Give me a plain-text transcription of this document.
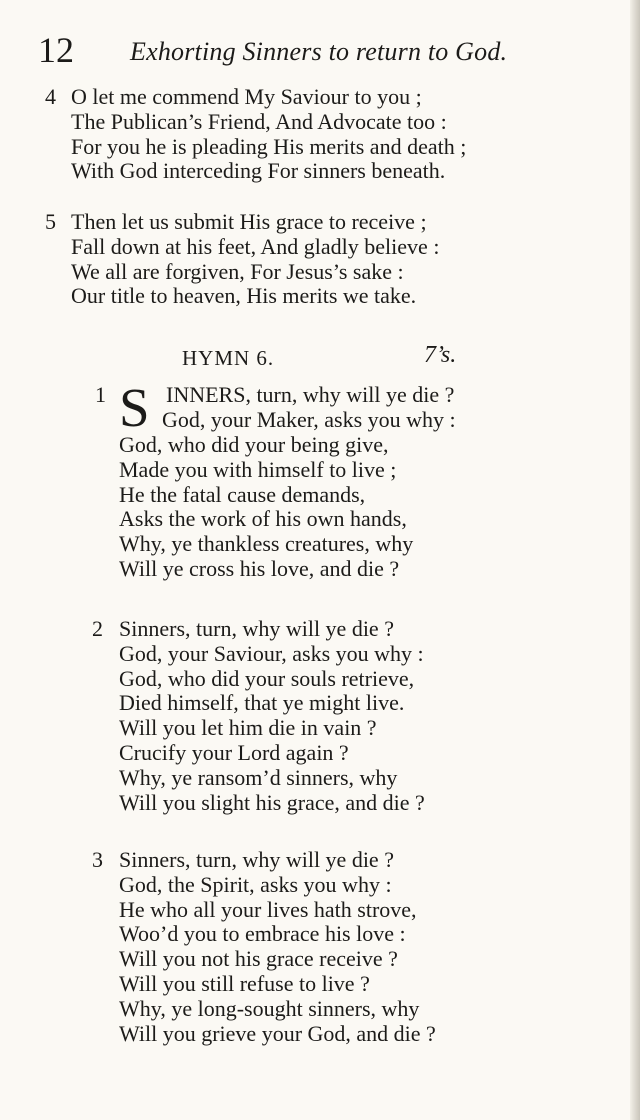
12 Exhorting Sinners to return to God.
4 O let me commend My Saviour to you ;
The Publican’s Friend, And Advocate too :
For you he is pleading His merits and death ;
With God interceding For sinners beneath.
5 Then let us submit His grace to receive ;
Fall down at his feet, And gladly believe :
We all are forgiven, For Jesus’s sake :
Our title to heaven, His merits we take.
HYMN 6.	7’s.
1 S INNERS, turn, why will ye die ?
God, your Maker, asks you why :
God, who did your being give,
Made you with himself to live ;
He the fatal cause demands,
Asks the work of his own hands,
Why, ye thankless creatures, why
Will ye cross his love, and die ?
2 Sinners, turn, why will ye die ?
God, your Saviour, asks you why :
God, who did your souls retrieve,
Died himself, that ye might live.
Will you let him die in vain ?
Crucify your Lord again ?
Why, ye ransom’d sinners, why
Will you slight his grace, and die ?
3 Sinners, turn, why will ye die ?
God, the Spirit, asks you why :
He who all your lives hath strove,
Woo’d you to embrace his love :
Will you not his grace receive ?
Will you still refuse to live ?
Why, ye long-sought sinners, why
Will you grieve your God, and die ?
